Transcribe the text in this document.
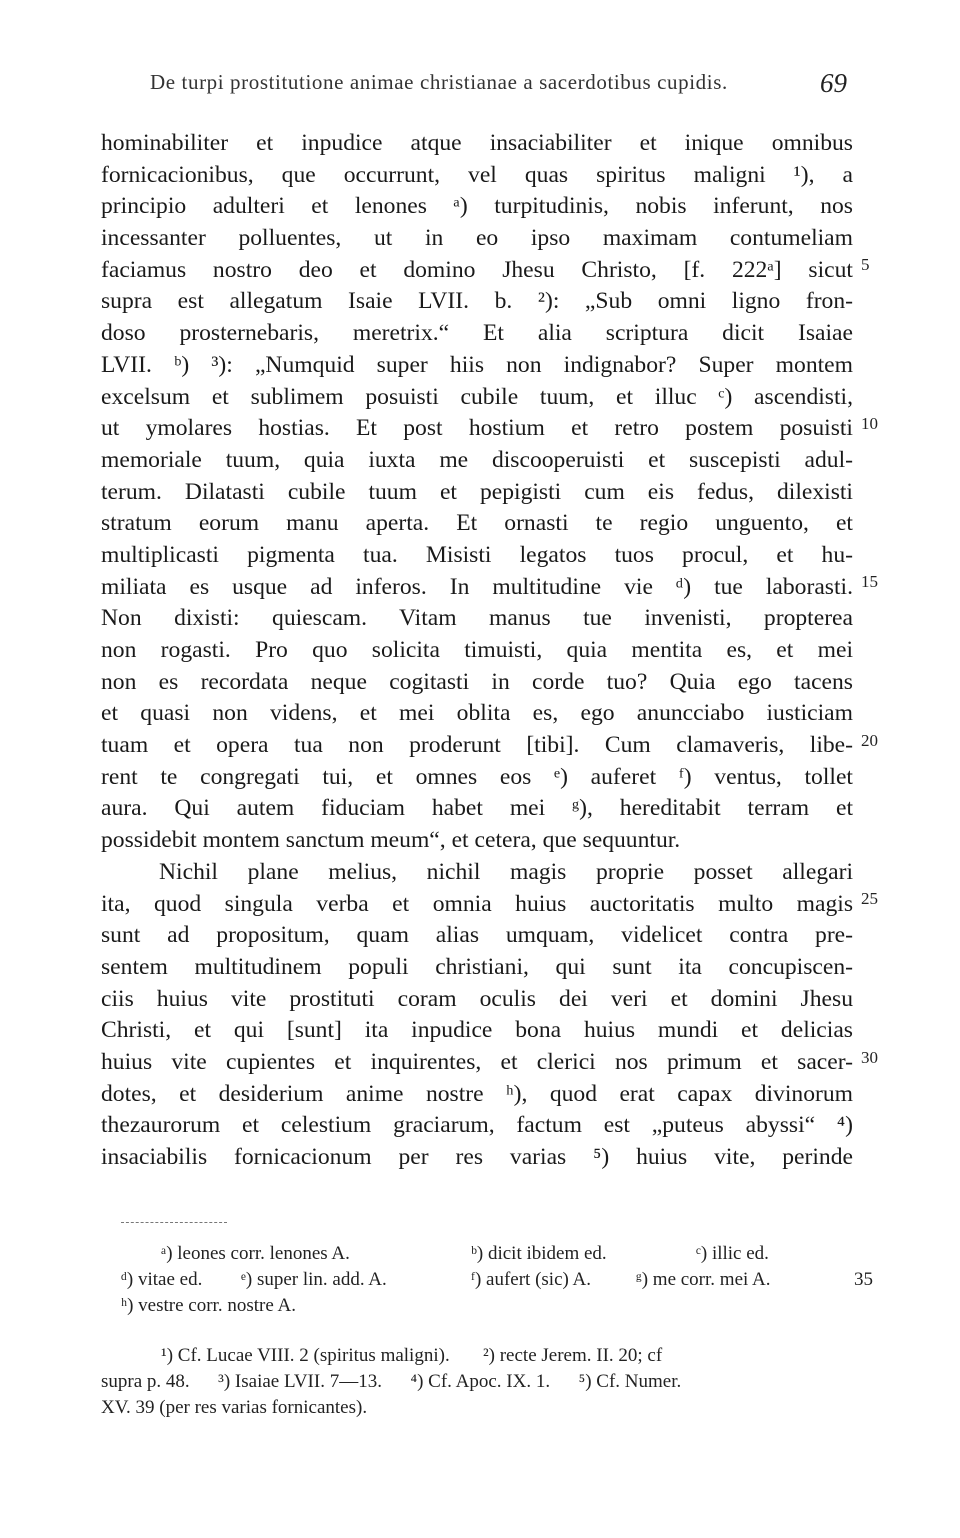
De turpi prostitutione animae christianae a sacerdotibus cupidis.	69
hominabiliter et inpudice atque insaciabiliter et inique omnibus
fornicacionibus, que occurrunt, vel quas spiritus maligni ¹), a
principio adulteri et lenones ᵃ) turpitudinis, nobis inferunt, nos
incessanter polluentes, ut in eo ipso maximam contumeliam
faciamus nostro deo et domino Jhesu Christo, [f. 222ᵃ] sicut
supra est allegatum Isaie LVII. b. ²): „Sub omni ligno fron-
doso prosternebaris, meretrix.“ Et alia scriptura dicit Isaiae
LVII. ᵇ) ³): „Numquid super hiis non indignabor? Super montem
excelsum et sublimem posuisti cubile tuum, et illuc ᶜ) ascendisti,
ut ymolares hostias. Et post hostium et retro postem posuisti
memoriale tuum, quia iuxta me discooperuisti et suscepisti adul-
terum. Dilatasti cubile tuum et pepigisti cum eis fedus, dilexisti
stratum eorum manu aperta. Et ornasti te regio unguento, et
multiplicasti pigmenta tua. Misisti legatos tuos procul, et hu-
miliata es usque ad inferos. In multitudine vie ᵈ) tue laborasti.
Non dixisti: quiescam. Vitam manus tue invenisti, propterea
non rogasti. Pro quo solicita timuisti, quia mentita es, et mei
non es recordata neque cogitasti in corde tuo? Quia ego tacens
et quasi non videns, et mei oblita es, ego anuncciabo iusticiam
tuam et opera tua non proderunt [tibi]. Cum clamaveris, libe-
rent te congregati tui, et omnes eos ᵉ) auferet ᶠ) ventus, tollet
aura. Qui autem fiduciam habet mei ᵍ), hereditabit terram et
possidebit montem sanctum meum“, et cetera, que sequuntur.
Nichil plane melius, nichil magis proprie posset allegari
ita, quod singula verba et omnia huius auctoritatis multo magis
sunt ad propositum, quam alias umquam, videlicet contra pre-
sentem multitudinem populi christiani, qui sunt ita concupiscen-
ciis huius vite prostituti coram oculis dei veri et domini Jhesu
Christi, et qui [sunt] ita inpudice bona huius mundi et delicias
huius vite cupientes et inquirentes, et clerici nos primum et sacer-
dotes, et desiderium anime nostre ʰ), quod erat capax divinorum
thezaurorum et celestium graciarum, factum est „puteus abyssi“ ⁴)
insaciabilis fornicacionum per res varias ⁵) huius vite, perinde
5
10
15
20
25
30
ᵃ) leones corr. lenones A.	ᵇ) dicit ibidem ed.	ᶜ) illic ed.
ᵈ) vitae ed. ᵉ) super lin. add. A.	ᶠ) aufert (sic) A. ᵍ) me corr. mei A.	35
ʰ) vestre corr. nostre A.
¹) Cf. Lucae VIII. 2 (spiritus maligni).       ²) recte Jerem. II. 20; cf
supra p. 48.      ³) Isaiae LVII. 7—13.      ⁴) Cf. Apoc. IX. 1.      ⁵) Cf. Numer.
XV. 39 (per res varias fornicantes).
